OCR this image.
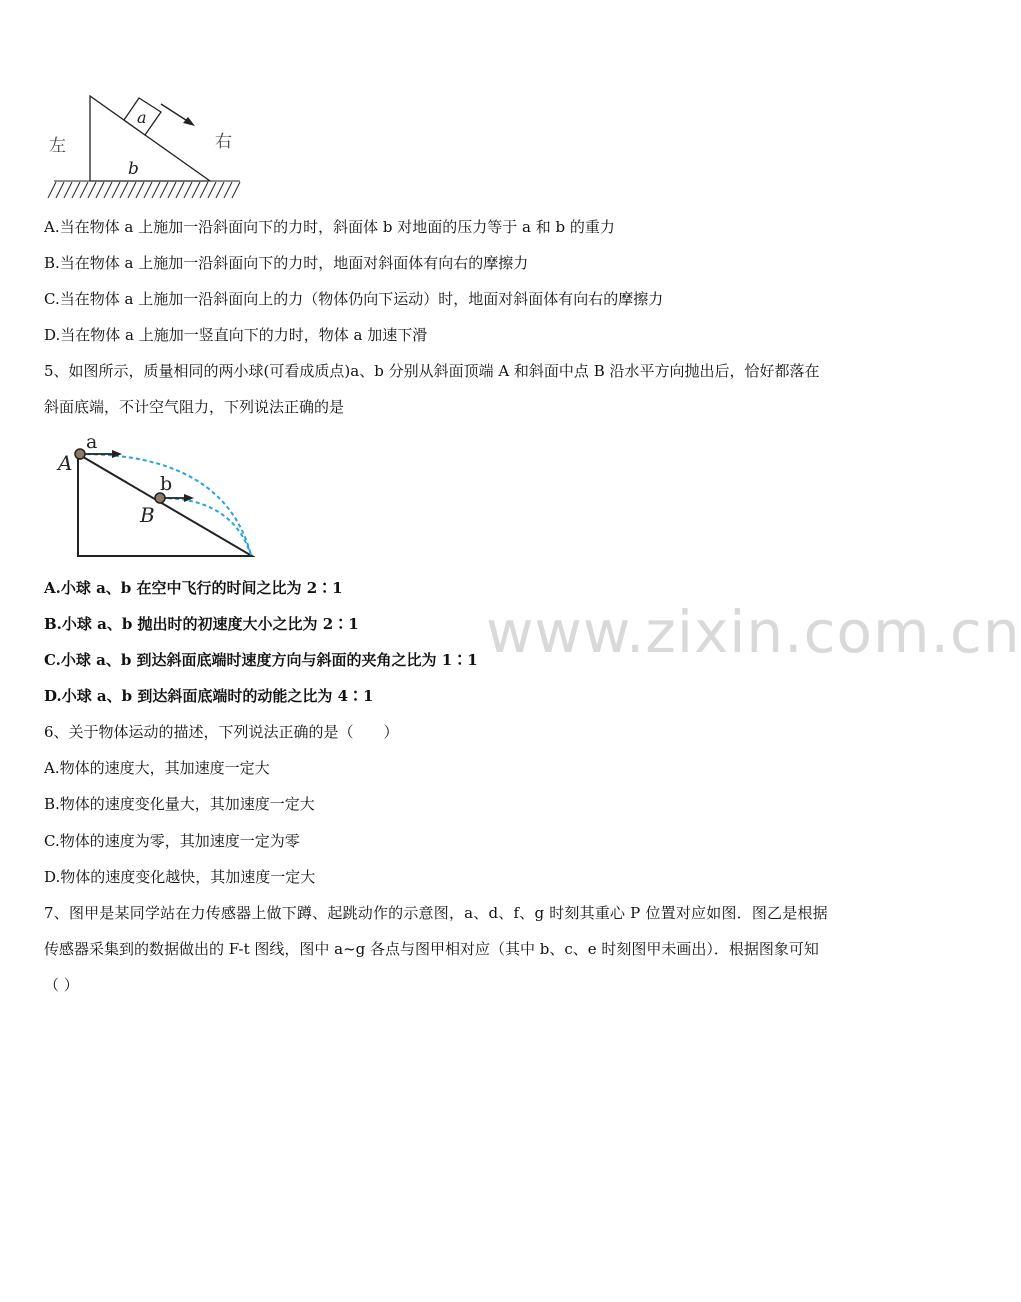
a
b
左	右
A.当在物体 a 上施加一沿斜面向下的力时，斜面体 b 对地面的压力等于 a 和 b 的重力
B.当在物体 a 上施加一沿斜面向下的力时，地面对斜面体有向右的摩擦力
C.当在物体 a 上施加一沿斜面向上的力（物体仍向下运动）时，地面对斜面体有向右的摩擦力
D.当在物体 a 上施加一竖直向下的力时，物体 a 加速下滑
5、如图所示，质量相同的两小球(可看成质点)a、b 分别从斜面顶端 A 和斜面中点 B 沿水平方向抛出后，恰好都落在
斜面底端，不计空气阻力，下列说法正确的是
a
b
A
B
A.小球 a、b 在空中飞行的时间之比为 2∶1
B.小球 a、b 抛出时的初速度大小之比为 2∶1
C.小球 a、b 到达斜面底端时速度方向与斜面的夹角之比为 1∶1
D.小球 a、b 到达斜面底端时的动能之比为 4∶1
www.zixin.com.cn
6、关于物体运动的描述，下列说法正确的是（　　）
A.物体的速度大，其加速度一定大
B.物体的速度变化量大，其加速度一定大
C.物体的速度为零，其加速度一定为零
D.物体的速度变化越快，其加速度一定大
7、图甲是某同学站在力传感器上做下蹲、起跳动作的示意图，a、d、f、g 时刻其重心 P 位置对应如图．图乙是根据
传感器采集到的数据做出的 F-t 图线，图中 a~g 各点与图甲相对应（其中 b、c、e 时刻图甲未画出）．根据图象可知
（ ）
